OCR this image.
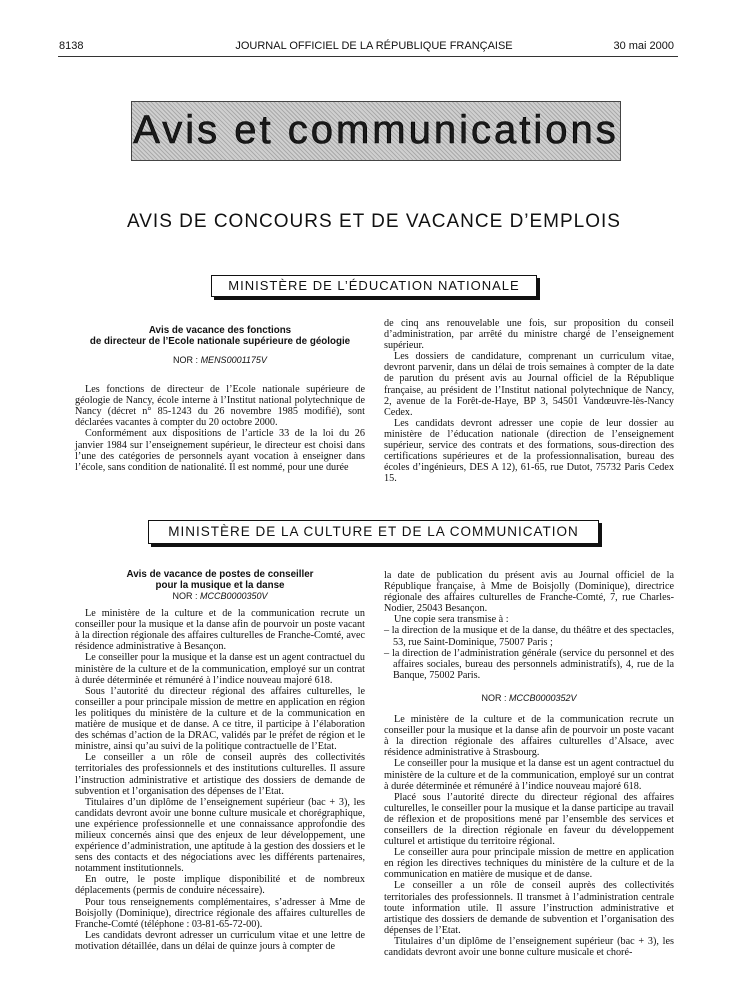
8138	JOURNAL OFFICIEL DE LA RÉPUBLIQUE FRANÇAISE	30 mai 2000
Avis et communications
AVIS DE CONCOURS ET DE VACANCE D’EMPLOIS
MINISTÈRE DE L’ÉDUCATION NATIONALE

Avis de vacance des fonctions

de directeur de l’Ecole nationale supérieure de géologie

NOR : MENS0001175V

Les fonctions de directeur de l’Ecole nationale supérieure de géologie de Nancy, école interne à l’Institut national polytechnique de Nancy (décret n° 85-1243 du 26 novembre 1985 modifié), sont déclarées vacantes à compter du 20 octobre 2000.

Conformément aux dispositions de l’article 33 de la loi du 26 janvier 1984 sur l’enseignement supérieur, le directeur est choisi dans l’une des catégories de personnels ayant vocation à enseigner dans l’école, sans condition de nationalité. Il est nommé, pour une durée

de cinq ans renouvelable une fois, sur proposition du conseil d’administration, par arrêté du ministre chargé de l’enseignement supérieur.

Les dossiers de candidature, comprenant un curriculum vitae, devront parvenir, dans un délai de trois semaines à compter de la date de parution du présent avis au Journal officiel de la République française, au président de l’Institut national polytechnique de Nancy, 2, avenue de la Forêt-de-Haye, BP 3, 54501 Vandœuvre-lès-Nancy Cedex.

Les candidats devront adresser une copie de leur dossier au ministère de l’éducation nationale (direction de l’enseignement supérieur, service des contrats et des formations, sous-direction des certifications supérieures et de la professionnalisation, bureau des écoles d’ingénieurs, DES A 12), 61-65, rue Dutot, 75732 Paris Cedex 15.

MINISTÈRE DE LA CULTURE ET DE LA COMMUNICATION

Avis de vacance de postes de conseiller

pour la musique et la danse

NOR : MCCB0000350V

Le ministère de la culture et de la communication recrute un conseiller pour la musique et la danse afin de pourvoir un poste vacant à la direction régionale des affaires culturelles de Franche-Comté, avec résidence administrative à Besançon.

Le conseiller pour la musique et la danse est un agent contractuel du ministère de la culture et de la communication, employé sur un contrat à durée déterminée et rémunéré à l’indice nouveau majoré 618.

Sous l’autorité du directeur régional des affaires culturelles, le conseiller a pour principale mission de mettre en application en région les politiques du ministère de la culture et de la communication en matière de musique et de danse. A ce titre, il participe à l’élaboration des schémas d’action de la DRAC, validés par le préfet de région et le ministre, ainsi qu’au suivi de la politique contractuelle de l’Etat.

Le conseiller a un rôle de conseil auprès des collectivités territoriales des professionnels et des institutions culturelles. Il assure l’instruction administrative et artistique des dossiers de demande de subvention et l’organisation des dépenses de l’Etat.

Titulaires d’un diplôme de l’enseignement supérieur (bac + 3), les candidats devront avoir une bonne culture musicale et chorégraphique, une expérience professionnelle et une connaissance approfondie des milieux concernés ainsi que des enjeux de leur développement, une expérience d’administration, une aptitude à la gestion des dossiers et le sens des contacts et des négociations avec les différents partenaires, notamment institutionnels.

En outre, le poste implique disponibilité et de nombreux déplacements (permis de conduire nécessaire).

Pour tous renseignements complémentaires, s’adresser à Mme de Boisjolly (Dominique), directrice régionale des affaires culturelles de Franche-Comté (téléphone : 03-81-65-72-00).

Les candidats devront adresser un curriculum vitae et une lettre de motivation détaillée, dans un délai de quinze jours à compter de

la date de publication du présent avis au Journal officiel de la République française, à Mme de Boisjolly (Dominique), directrice régionale des affaires culturelles de Franche-Comté, 7, rue Charles-Nodier, 25043 Besançon.

Une copie sera transmise à :

– la direction de la musique et de la danse, du théâtre et des spectacles, 53, rue Saint-Dominique, 75007 Paris ;

– la direction de l’administration générale (service du personnel et des affaires sociales, bureau des personnels administratifs), 4, rue de la Banque, 75002 Paris.

NOR : MCCB0000352V

Le ministère de la culture et de la communication recrute un conseiller pour la musique et la danse afin de pourvoir un poste vacant à la direction régionale des affaires culturelles d’Alsace, avec résidence administrative à Strasbourg.

Le conseiller pour la musique et la danse est un agent contractuel du ministère de la culture et de la communication, employé sur un contrat à durée déterminée et rémunéré à l’indice nouveau majoré 618.

Placé sous l’autorité directe du directeur régional des affaires culturelles, le conseiller pour la musique et la danse participe au travail de réflexion et de propositions mené par l’ensemble des services et conseillers de la direction régionale en faveur du développement culturel et artistique du territoire régional.

Le conseiller aura pour principale mission de mettre en application en région les directives techniques du ministère de la culture et de la communication en matière de musique et de danse.

Le conseiller a un rôle de conseil auprès des collectivités territoriales des professionnels. Il transmet à l’administration centrale toute information utile. Il assure l’instruction administrative et artistique des dossiers de demande de subvention et l’organisation des dépenses de l’Etat.

Titulaires d’un diplôme de l’enseignement supérieur (bac + 3), les candidats devront avoir une bonne culture musicale et choré-
